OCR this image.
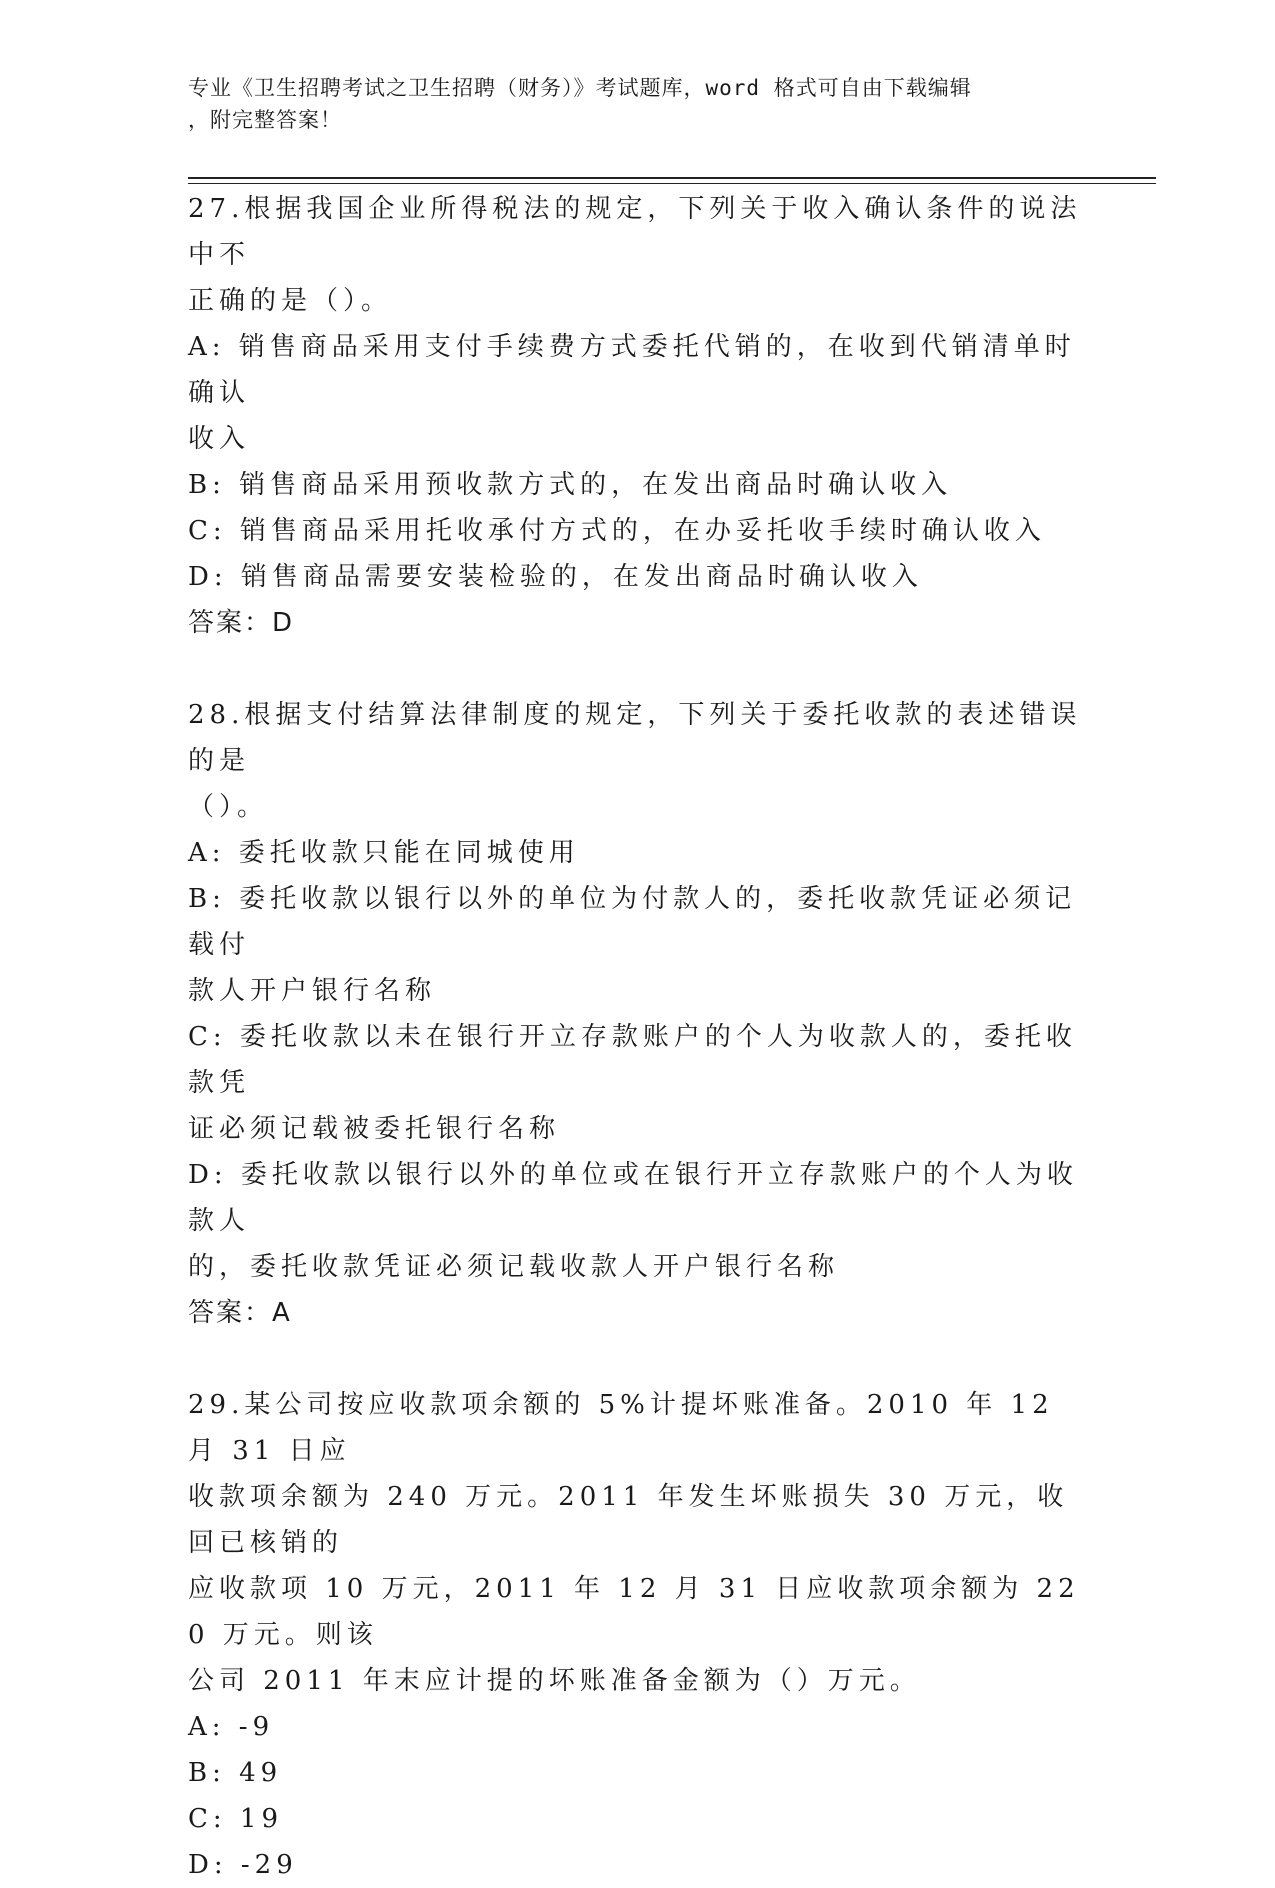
专业《卫生招聘考试之卫生招聘（财务）》考试题库，word 格式可自由下载编辑
，附完整答案！
27.根据我国企业所得税法的规定，下列关于收入确认条件的说法中不
正确的是（）。
A: 销售商品采用支付手续费方式委托代销的，在收到代销清单时确认
收入
B: 销售商品采用预收款方式的，在发出商品时确认收入
C: 销售商品采用托收承付方式的，在办妥托收手续时确认收入
D: 销售商品需要安装检验的，在发出商品时确认收入
答案：D
28.根据支付结算法律制度的规定，下列关于委托收款的表述错误的是
（）。
A: 委托收款只能在同城使用
B: 委托收款以银行以外的单位为付款人的，委托收款凭证必须记载付
款人开户银行名称
C: 委托收款以未在银行开立存款账户的个人为收款人的，委托收款凭
证必须记载被委托银行名称
D: 委托收款以银行以外的单位或在银行开立存款账户的个人为收款人
的，委托收款凭证必须记载收款人开户银行名称
答案：A
29.某公司按应收款项余额的 5%计提坏账准备。2010 年 12 月 31 日应
收款项余额为 240 万元。2011 年发生坏账损失 30 万元，收回已核销的
应收款项 10 万元，2011 年 12 月 31 日应收款项余额为 220 万元。则该
公司 2011 年末应计提的坏账准备金额为（）万元。
A: -9
B: 49
C: 19
D: -29
